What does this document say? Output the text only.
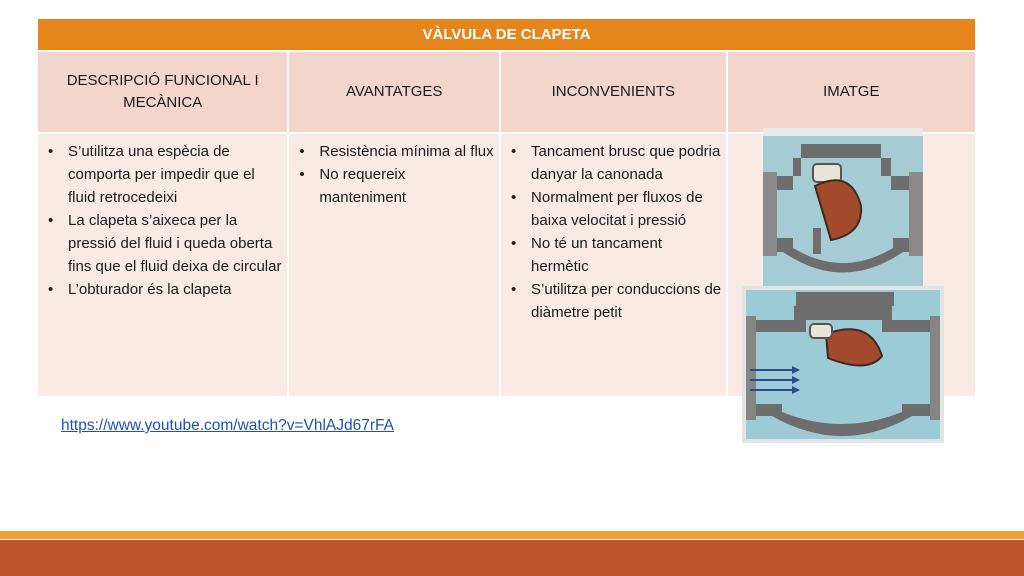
VÀLVULA DE CLAPETA
DESCRIPCIÓ FUNCIONAL I MECÀNICA
AVANTATGES	INCONVENIENTS	IMATGE
• S’utilitza una espècia de comporta per impedir que el fluid retrocedeixi
• La clapeta s’aixeca per la pressió del fluid i queda oberta fins que el fluid deixa de circular
• L’obturador és la clapeta
• Resistència mínima al flux
• No requereix manteniment
• Tancament brusc que podria danyar la canonada
• Normalment per fluxos de baixa velocitat i pressió
• No té un tancament hermètic
• S’utilitza per conduccions de diàmetre petit
https://www.youtube.com/watch?v=VhlAJd67rFA
